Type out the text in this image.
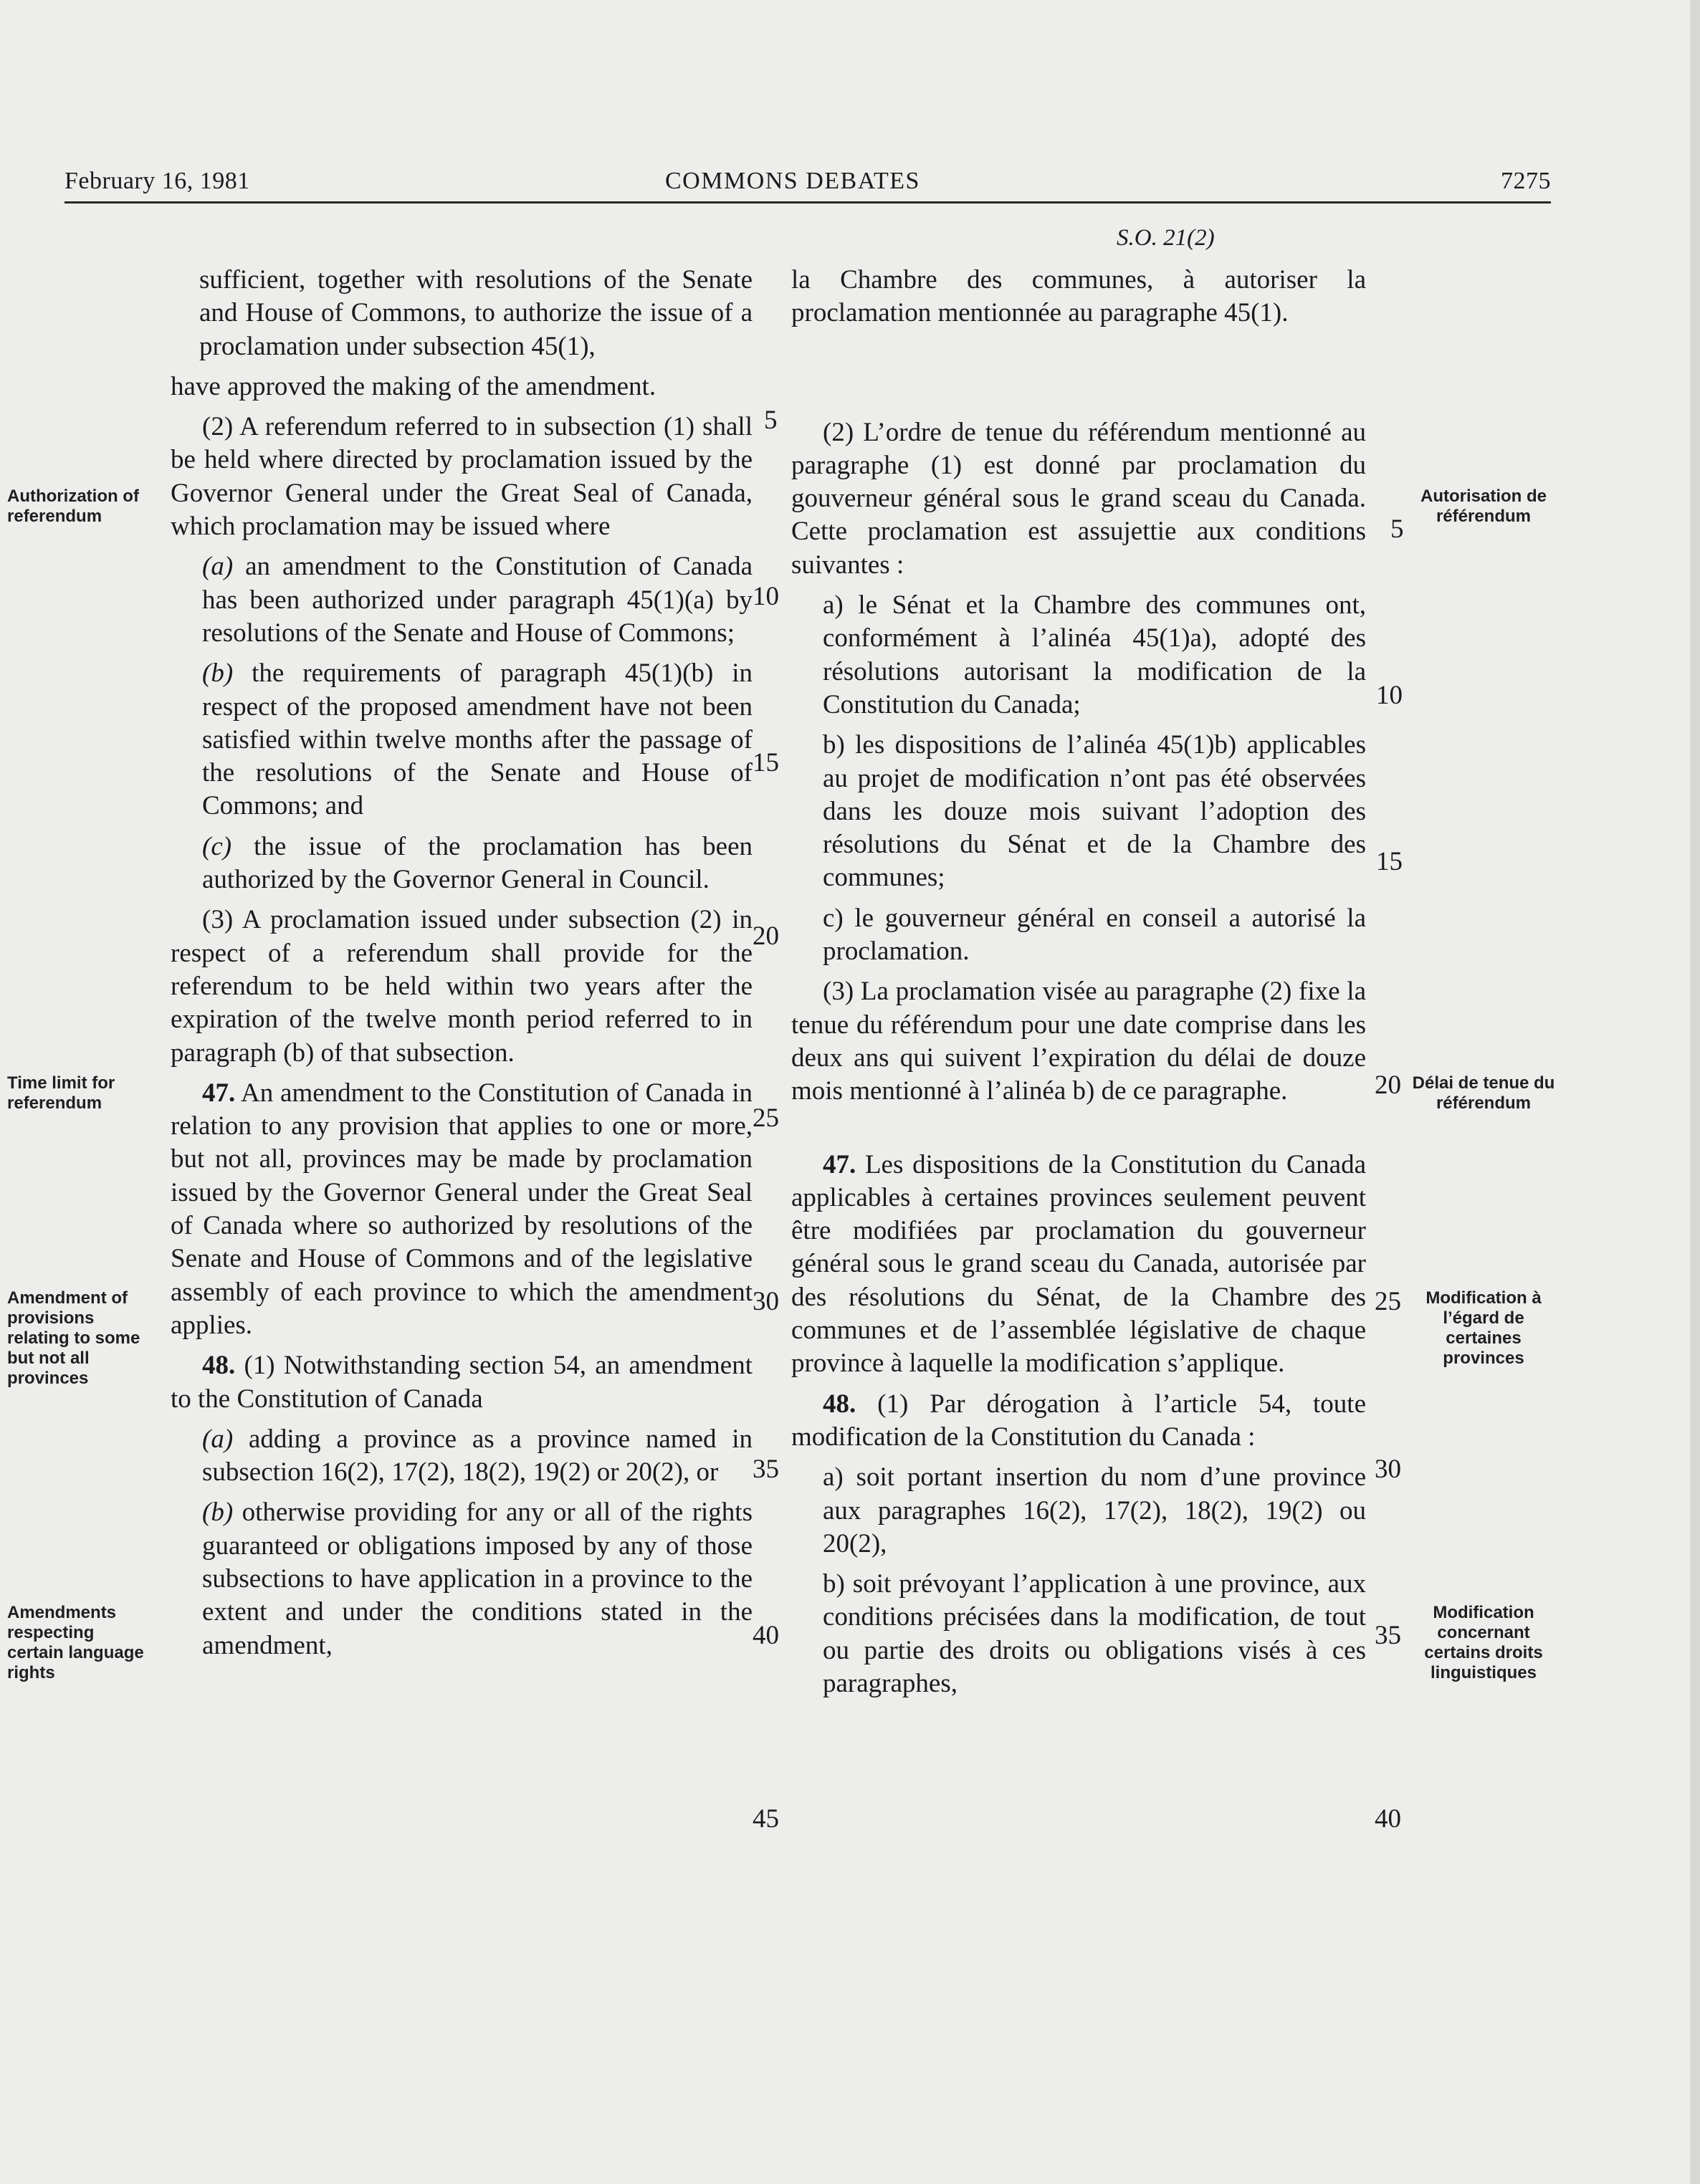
February 16, 1981	COMMONS DEBATES	7275
S.O. 21(2)
Authorization of referendum
Time limit for referendum
Amendment of provisions relating to some but not all provinces
Amendments respecting certain language rights
Autorisation de référendum
Délai de tenue du référendum
Modification à l’égard de certaines provinces
Modification concernant certains droits linguistiques
sufficient, together with resolutions of the Senate and House of Commons, to authorize the issue of a proclamation under subsection 45(1),
have approved the making of the amendment.
(2) A referendum referred to in subsection (1) shall be held where directed by proclamation issued by the Governor General under the Great Seal of Canada, which proclamation may be issued where
(a) an amendment to the Constitution of Canada has been authorized under paragraph 45(1)(a) by resolutions of the Senate and House of Commons;
(b) the requirements of paragraph 45(1)(b) in respect of the proposed amendment have not been satisfied within twelve months after the passage of the resolutions of the Senate and House of Commons; and
(c) the issue of the proclamation has been authorized by the Governor General in Council.
(3) A proclamation issued under subsection (2) in respect of a referendum shall provide for the referendum to be held within two years after the expiration of the twelve month period referred to in paragraph (b) of that subsection.
47. An amendment to the Constitution of Canada in relation to any provision that applies to one or more, but not all, provinces may be made by proclamation issued by the Governor General under the Great Seal of Canada where so authorized by resolutions of the Senate and House of Commons and of the legislative assembly of each province to which the amendment applies.
48. (1) Notwithstanding section 54, an amendment to the Constitution of Canada
(a) adding a province as a province named in subsection 16(2), 17(2), 18(2), 19(2) or 20(2), or
(b) otherwise providing for any or all of the rights guaranteed or obligations imposed by any of those subsections to have application in a province to the extent and under the conditions stated in the amendment,
la Chambre des communes, à autoriser la proclamation mentionnée au paragraphe 45(1).
(2) L’ordre de tenue du référendum mentionné au paragraphe (1) est donné par proclamation du gouverneur général sous le grand sceau du Canada. Cette proclamation est assujettie aux conditions suivantes :
a) le Sénat et la Chambre des communes ont, conformément à l’alinéa 45(1)a), adopté des résolutions autorisant la modification de la Constitution du Canada;
b) les dispositions de l’alinéa 45(1)b) applicables au projet de modification n’ont pas été observées dans les douze mois suivant l’adoption des résolutions du Sénat et de la Chambre des communes;
c) le gouverneur général en conseil a autorisé la proclamation.
(3) La proclamation visée au paragraphe (2) fixe la tenue du référendum pour une date comprise dans les deux ans qui suivent l’expiration du délai de douze mois mentionné à l’alinéa b) de ce paragraphe.
47. Les dispositions de la Constitution du Canada applicables à certaines provinces seulement peuvent être modifiées par proclamation du gouverneur général sous le grand sceau du Canada, autorisée par des résolutions du Sénat, de la Chambre des communes et de l’assemblée législative de chaque province à laquelle la modification s’applique.
48. (1) Par dérogation à l’article 54, toute modification de la Constitution du Canada :
a) soit portant insertion du nom d’une province aux paragraphes 16(2), 17(2), 18(2), 19(2) ou 20(2),
b) soit prévoyant l’application à une province, aux conditions précisées dans la modification, de tout ou partie des droits ou obligations visés à ces paragraphes,
5
10
15
20
25
30
35
40
45
5
10
15
20
25
30
35
40
